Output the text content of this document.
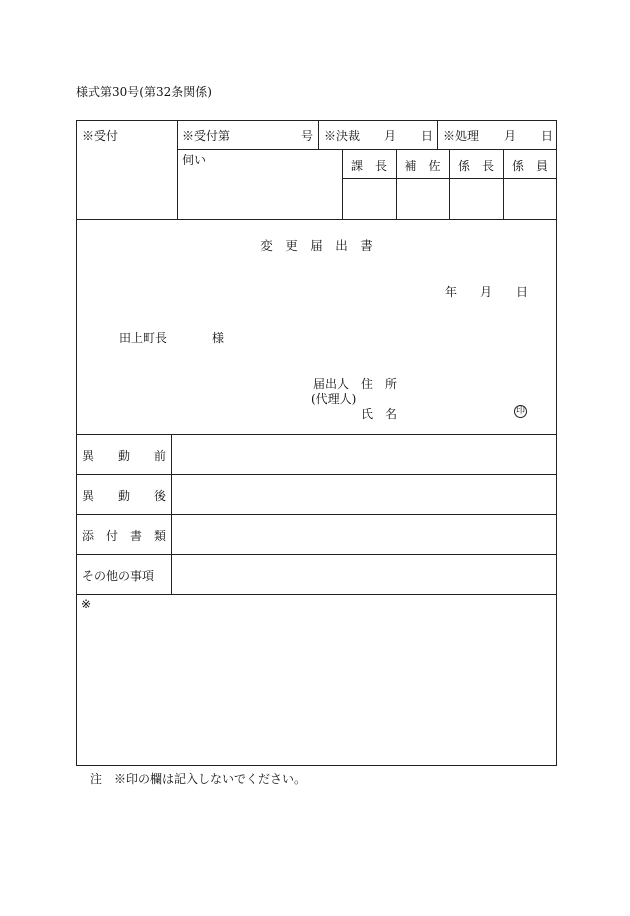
様式第30号(第32条関係)
※受付	※受付第	号 ※決裁 月 日 ※処理 月 日
伺い	課　長	補　佐	係　長	係　員
変　更　届　出　書
年 月 日
田上町長	様
届出人 住　所
(代理人)
氏　名	印
異　　動　　前
異　　動　　後
添　付　書　類
その他の事項
※
注　※印の欄は記入しないでください。
